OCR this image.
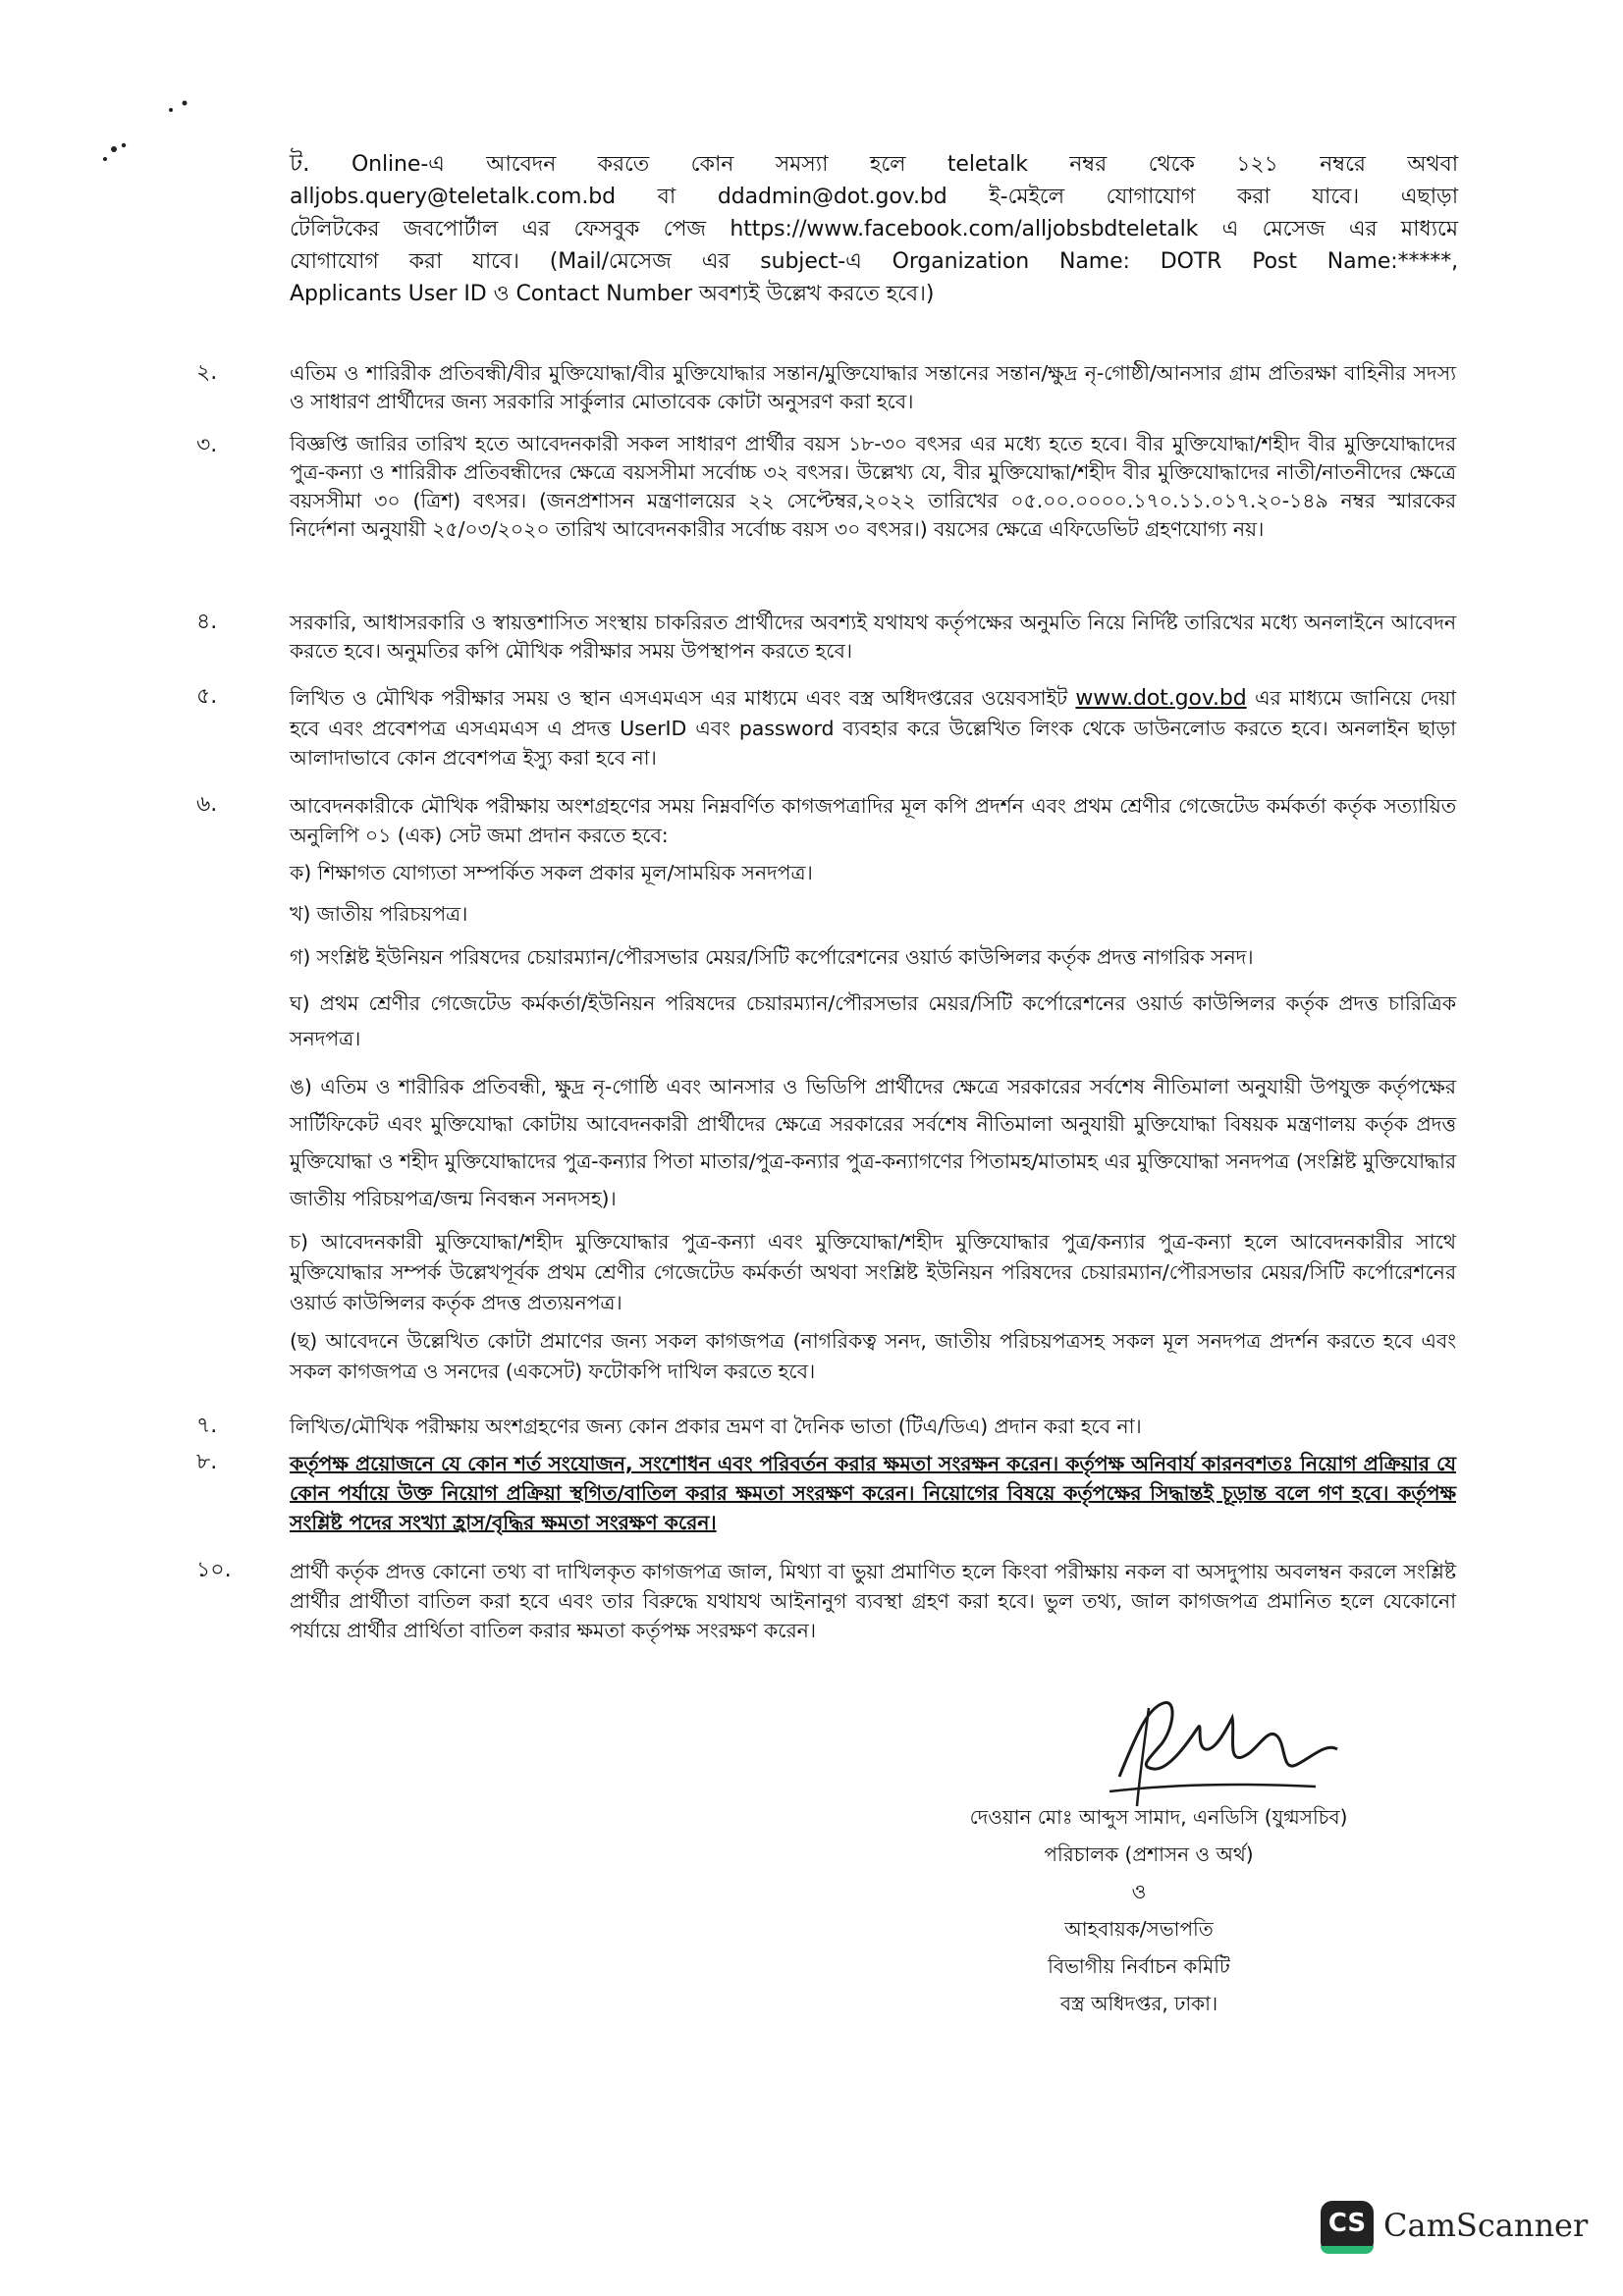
ট. Online-এ আবেদন করতে কোন সমস্যা হলে teletalk নম্বর থেকে ১২১ নম্বরে অথবা

alljobs.query@teletalk.com.bd বা ddadmin@dot.gov.bd ই-মেইলে যোগাযোগ করা যাবে। এছাড়া

টেলিটকের জবপোর্টাল এর ফেসবুক পেজ https://www.facebook.com/alljobsbdteletalk এ মেসেজ এর মাধ্যমে

যোগাযোগ করা যাবে। (Mail/মেসেজ এর subject-এ Organization Name: DOTR Post Name:*****,

Applicants User ID ও Contact Number অবশ্যই উল্লেখ করতে হবে।)

২.	এতিম ও শারিরীক প্রতিবন্ধী/বীর মুক্তিযোদ্ধা/বীর মুক্তিযোদ্ধার সন্তান/মুক্তিযোদ্ধার সন্তানের সন্তান/ক্ষুদ্র নৃ-গোষ্ঠী/আনসার গ্রাম প্রতিরক্ষা বাহিনীর সদস্য ও সাধারণ প্রার্থীদের জন্য সরকারি সার্কুলার মোতাবেক কোটা অনুসরণ করা হবে।
৩.	বিজ্ঞপ্তি জারির তারিখ হতে আবেদনকারী সকল সাধারণ প্রার্থীর বয়স ১৮-৩০ বৎসর এর মধ্যে হতে হবে। বীর মুক্তিযোদ্ধা/শহীদ বীর মুক্তিযোদ্ধাদের পুত্র-কন্যা ও শারিরীক প্রতিবন্ধীদের ক্ষেত্রে বয়সসীমা সর্বোচ্চ ৩২ বৎসর। উল্লেখ্য যে, বীর মুক্তিযোদ্ধা/শহীদ বীর মুক্তিযোদ্ধাদের নাতী/নাতনীদের ক্ষেত্রে বয়সসীমা ৩০ (ত্রিশ) বৎসর। (জনপ্রশাসন মন্ত্রণালয়ের ২২ সেপ্টেম্বর,২০২২ তারিখের ০৫.০০.০০০০.১৭০.১১.০১৭.২০-১৪৯ নম্বর স্মারকের নির্দেশনা অনুযায়ী ২৫/০৩/২০২০ তারিখ আবেদনকারীর সর্বোচ্চ বয়স ৩০ বৎসর।) বয়সের ক্ষেত্রে এফিডেভিট গ্রহণযোগ্য নয়।
৪.	সরকারি, আধাসরকারি ও স্বায়ত্তশাসিত সংস্থায় চাকরিরত প্রার্থীদের অবশ্যই যথাযথ কর্তৃপক্ষের অনুমতি নিয়ে নির্দিষ্ট তারিখের মধ্যে অনলাইনে আবেদন করতে হবে। অনুমতির কপি মৌখিক পরীক্ষার সময় উপস্থাপন করতে হবে।
৫.	লিখিত ও মৌখিক পরীক্ষার সময় ও স্থান এসএমএস এর মাধ্যমে এবং বস্ত্র অধিদপ্তরের ওয়েবসাইট www.dot.gov.bd এর মাধ্যমে জানিয়ে দেয়া হবে এবং প্রবেশপত্র এসএমএস এ প্রদত্ত UserID এবং password ব্যবহার করে উল্লেখিত লিংক থেকে ডাউনলোড করতে হবে। অনলাইন ছাড়া আলাদাভাবে কোন প্রবেশপত্র ইস্যু করা হবে না।
৬.	আবেদনকারীকে মৌখিক পরীক্ষায় অংশগ্রহণের সময় নিম্নবর্ণিত কাগজপত্রাদির মূল কপি প্রদর্শন এবং প্রথম শ্রেণীর গেজেটেড কর্মকর্তা কর্তৃক সত্যায়িত অনুলিপি ০১ (এক) সেট জমা প্রদান করতে হবে:

ক) শিক্ষাগত যোগ্যতা সম্পর্কিত সকল প্রকার মূল/সাময়িক সনদপত্র।

খ) জাতীয় পরিচয়পত্র।

গ) সংশ্লিষ্ট ইউনিয়ন পরিষদের চেয়ারম্যান/পৌরসভার মেয়র/সিটি কর্পোরেশনের ওয়ার্ড কাউন্সিলর কর্তৃক প্রদত্ত নাগরিক সনদ।

ঘ) প্রথম শ্রেণীর গেজেটেড কর্মকর্তা/ইউনিয়ন পরিষদের চেয়ারম্যান/পৌরসভার মেয়র/সিটি কর্পোরেশনের ওয়ার্ড কাউন্সিলর কর্তৃক প্রদত্ত চারিত্রিক সনদপত্র।

ঙ) এতিম ও শারীরিক প্রতিবন্ধী, ক্ষুদ্র নৃ-গোষ্ঠি এবং আনসার ও ভিডিপি প্রার্থীদের ক্ষেত্রে সরকারের সর্বশেষ নীতিমালা অনুযায়ী উপযুক্ত কর্তৃপক্ষের সার্টিফিকেট এবং মুক্তিযোদ্ধা কোটায় আবেদনকারী প্রার্থীদের ক্ষেত্রে সরকারের সর্বশেষ নীতিমালা অনুযায়ী মুক্তিযোদ্ধা বিষয়ক মন্ত্রণালয় কর্তৃক প্রদত্ত মুক্তিযোদ্ধা ও শহীদ মুক্তিযোদ্ধাদের পুত্র-কন্যার পিতা মাতার/পুত্র-কন্যার পুত্র-কন্যাগণের পিতামহ/মাতামহ এর মুক্তিযোদ্ধা সনদপত্র (সংশ্লিষ্ট মুক্তিযোদ্ধার জাতীয় পরিচয়পত্র/জন্ম নিবন্ধন সনদসহ)।

চ) আবেদনকারী মুক্তিযোদ্ধা/শহীদ মুক্তিযোদ্ধার পুত্র-কন্যা এবং মুক্তিযোদ্ধা/শহীদ মুক্তিযোদ্ধার পুত্র/কন্যার পুত্র-কন্যা হলে আবেদনকারীর সাথে মুক্তিযোদ্ধার সম্পর্ক উল্লেখপূর্বক প্রথম শ্রেণীর গেজেটেড কর্মকর্তা অথবা সংশ্লিষ্ট ইউনিয়ন পরিষদের চেয়ারম্যান/পৌরসভার মেয়র/সিটি কর্পোরেশনের ওয়ার্ড কাউন্সিলর কর্তৃক প্রদত্ত প্রত্যয়নপত্র।

(ছ) আবেদনে উল্লেখিত কোটা প্রমাণের জন্য সকল কাগজপত্র (নাগরিকত্ব সনদ, জাতীয় পরিচয়পত্রসহ সকল মূল সনদপত্র প্রদর্শন করতে হবে এবং সকল কাগজপত্র ও সনদের (একসেট) ফটোকপি দাখিল করতে হবে।

৭.	লিখিত/মৌখিক পরীক্ষায় অংশগ্রহণের জন্য কোন প্রকার ভ্রমণ বা দৈনিক ভাতা (টিএ/ডিএ) প্রদান করা হবে না।
৮.	কর্তৃপক্ষ প্রয়োজনে যে কোন শর্ত সংযোজন, সংশোধন এবং পরিবর্তন করার ক্ষমতা সংরক্ষন করেন। কর্তৃপক্ষ অনিবার্য কারনবশতঃ নিয়োগ প্রক্রিয়ার যে কোন পর্যায়ে উক্ত নিয়োগ প্রক্রিয়া স্থগিত/বাতিল করার ক্ষমতা সংরক্ষণ করেন। নিয়োগের বিষয়ে কর্তৃপক্ষের সিদ্ধান্তই চূড়ান্ত বলে গণ হবে। কর্তৃপক্ষ সংশ্লিষ্ট পদের সংখ্যা হ্রাস/বৃদ্ধির ক্ষমতা সংরক্ষণ করেন।
১০.	প্রার্থী কর্তৃক প্রদত্ত কোনো তথ্য বা দাখিলকৃত কাগজপত্র জাল, মিথ্যা বা ভুয়া প্রমাণিত হলে কিংবা পরীক্ষায় নকল বা অসদুপায় অবলম্বন করলে সংশ্লিষ্ট প্রার্থীর প্রার্থীতা বাতিল করা হবে এবং তার বিরুদ্ধে যথাযথ আইনানুগ ব্যবস্থা গ্রহণ করা হবে। ভুল তথ্য, জাল কাগজপত্র প্রমানিত হলে যেকোনো পর্যায়ে প্রার্থীর প্রার্থিতা বাতিল করার ক্ষমতা কর্তৃপক্ষ সংরক্ষণ করেন।
দেওয়ান মোঃ আব্দুস সামাদ, এনডিসি (যুগ্মসচিব)
পরিচালক (প্রশাসন ও অর্থ)
ও
আহবায়ক/সভাপতি
বিভাগীয় নির্বাচন কমিটি
বস্ত্র অধিদপ্তর, ঢাকা।
CS CamScanner
